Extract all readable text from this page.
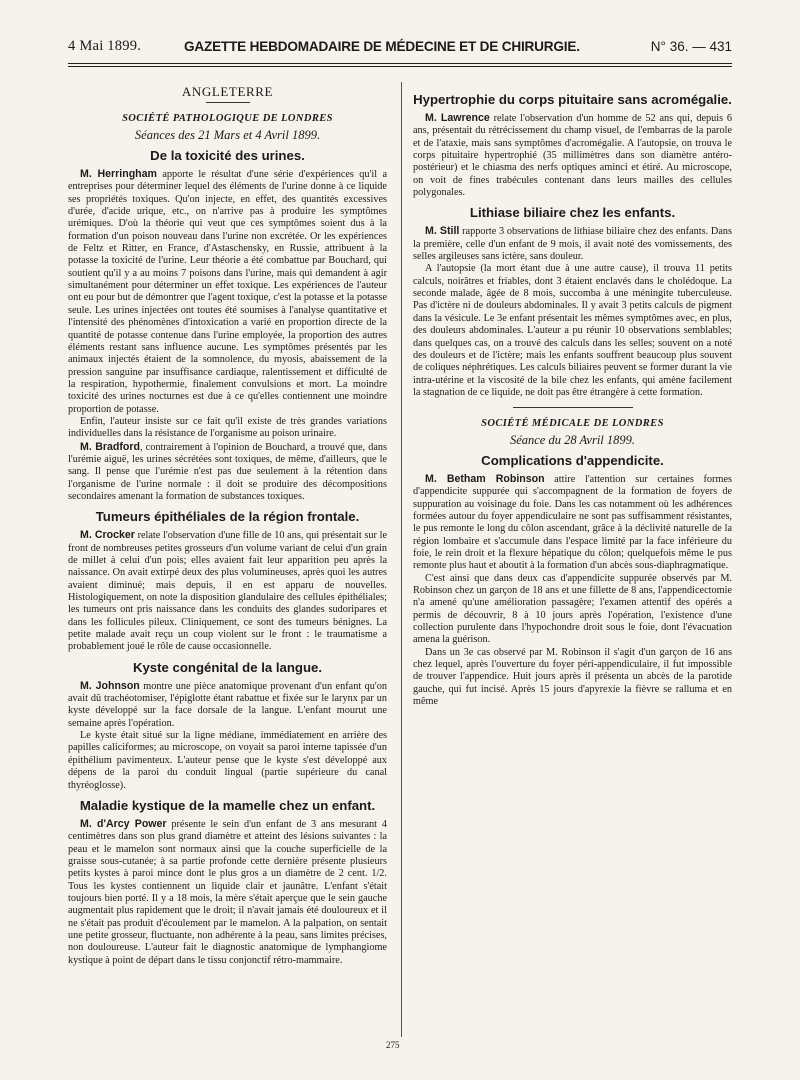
4 Mai 1899.	GAZETTE HEBDOMADAIRE DE MÉDECINE ET DE CHIRURGIE.	N° 36. — 431
ANGLETERRE
SOCIÉTÉ PATHOLOGIQUE DE LONDRES
Séances des 21 Mars et 4 Avril 1899.
De la toxicité des urines.

M. Herringham apporte le résultat d'une série d'expériences qu'il a entreprises pour déterminer lequel des éléments de l'urine donne à ce liquide ses propriétés toxiques. Qu'on injecte, en effet, des quantités excessives d'urée, d'acide urique, etc., on n'arrive pas à produire les symptômes urémiques. D'où la théorie qui veut que ces symptômes soient dus à la formation d'un poison nouveau dans l'urine non excrétée. Or les expériences de Feltz et Ritter, en France, d'Astaschensky, en Russie, attribuent à la potasse la toxicité de l'urine. Leur théorie a été combattue par Bouchard, qui soutient qu'il y a au moins 7 poisons dans l'urine, mais qui demandent à agir simultanément pour déterminer un effet toxique. Les expériences de l'auteur ont eu pour but de démontrer que l'agent toxique, c'est la potasse et la potasse seule. Les urines injectées ont toutes été soumises à l'analyse quantitative et l'intensité des phénomènes d'intoxication a varié en proportion directe de la quantité de potasse contenue dans l'urine employée, la proportion des autres éléments restant sans influence aucune. Les symptômes présentés par les animaux injectés étaient de la somnolence, du myosis, abaissement de la pression sanguine par insuffisance cardiaque, ralentissement et difficulté de la respiration, hypothermie, finalement convulsions et mort. La moindre toxicité des urines nocturnes est due à ce qu'elles contiennent une moindre proportion de potasse.

Enfin, l'auteur insiste sur ce fait qu'il existe de très grandes variations individuelles dans la résistance de l'organisme au poison urinaire.

M. Bradford, contrairement à l'opinion de Bouchard, a trouvé que, dans l'urémie aiguë, les urines sécrétées sont toxiques, de même, d'ailleurs, que le sang. Il pense que l'urémie n'est pas due seulement à la rétention dans l'organisme de l'urine normale : il doit se produire des décompositions secondaires amenant la formation de substances toxiques.

Tumeurs épithéliales de la région frontale.

M. Crocker relate l'observation d'une fille de 10 ans, qui présentait sur le front de nombreuses petites grosseurs d'un volume variant de celui d'un grain de millet à celui d'un pois; elles avaient fait leur apparition peu après la naissance. On avait extirpé deux des plus volumineuses, après quoi les autres avaient diminué; mais depuis, il en est apparu de nouvelles. Histologiquement, on note la disposition glandulaire des cellules épithéliales; les tumeurs ont pris naissance dans les conduits des glandes sudoripares et dans les follicules pileux. Cliniquement, ce sont des tumeurs bénignes. La petite malade avait reçu un coup violent sur le front : le traumatisme a probablement joué le rôle de cause occasionnelle.

Kyste congénital de la langue.

M. Johnson montre une pièce anatomique provenant d'un enfant qu'on avait dû trachéotomiser, l'épiglotte étant rabattue et fixée sur le larynx par un kyste développé sur la face dorsale de la langue. L'enfant mourut une semaine après l'opération.

Le kyste était situé sur la ligne médiane, immédiatement en arrière des papilles caliciformes; au microscope, on voyait sa paroi interne tapissée d'un épithélium pavimenteux. L'auteur pense que le kyste s'est développé aux dépens de la paroi du conduit lingual (partie supérieure du canal thyréoglosse).

Maladie kystique de la mamelle chez un enfant.

M. d'Arcy Power présente le sein d'un enfant de 3 ans mesurant 4 centimètres dans son plus grand diamètre et atteint des lésions suivantes : la peau et le mamelon sont normaux ainsi que la couche superficielle de la graisse sous-cutanée; à sa partie profonde cette dernière présente plusieurs petits kystes à paroi mince dont le plus gros a un diamètre de 2 cent. 1/2. Tous les kystes contiennent un liquide clair et jaunâtre. L'enfant s'était toujours bien porté. Il y a 18 mois, la mère s'était aperçue que le sein gauche augmentait plus rapidement que le droit; il n'avait jamais été douloureux et il ne s'était pas produit d'écoulement par le mamelon. A la palpation, on sentait une petite grosseur, fluctuante, non adhérente à la peau, sans limites précises, non douloureuse. L'auteur fait le diagnostic anatomique de lymphangiome kystique à point de départ dans le tissu conjonctif rétro-mammaire.

Hypertrophie du corps pituitaire sans acromégalie.

M. Lawrence relate l'observation d'un homme de 52 ans qui, depuis 6 ans, présentait du rétrécissement du champ visuel, de l'embarras de la parole et de l'ataxie, mais sans symptômes d'acromégalie. A l'autopsie, on trouva le corps pituitaire hypertrophié (35 millimètres dans son diamètre antéro-postérieur) et le chiasma des nerfs optiques aminci et étiré. Au microscope, on voit de fines trabécules contenant dans leurs mailles des cellules polygonales.

Lithiase biliaire chez les enfants.

M. Still rapporte 3 observations de lithiase biliaire chez des enfants. Dans la première, celle d'un enfant de 9 mois, il avait noté des vomissements, des selles argileuses sans ictère, sans douleur.

A l'autopsie (la mort étant due à une autre cause), il trouva 11 petits calculs, noirâtres et friables, dont 3 étaient enclavés dans le cholédoque. La seconde malade, âgée de 8 mois, succomba à une méningite tuberculeuse. Pas d'ictère ni de douleurs abdominales. Il y avait 3 petits calculs de pigment dans la vésicule. Le 3e enfant présentait les mêmes symptômes avec, en plus, des douleurs abdominales. L'auteur a pu réunir 10 observations semblables; dans quelques cas, on a trouvé des calculs dans les selles; souvent on a noté des douleurs et de l'ictère; mais les enfants souffrent beaucoup plus souvent de coliques néphrétiques. Les calculs biliaires peuvent se former durant la vie intra-utérine et la viscosité de la bile chez les enfants, qui amène facilement la stagnation de ce liquide, ne doit pas être étrangère à cette formation.

SOCIÉTÉ MÉDICALE DE LONDRES
Séance du 28 Avril 1899.
Complications d'appendicite.

M. Betham Robinson attire l'attention sur certaines formes d'appendicite suppurée qui s'accompagnent de la formation de foyers de suppuration au voisinage du foie. Dans les cas notamment où les adhérences formées autour du foyer appendiculaire ne sont pas suffisamment résistantes, le pus remonte le long du côlon ascendant, grâce à la déclivité naturelle de la région lombaire et s'accumule dans l'espace limité par la face inférieure du foie, le rein droit et la flexure hépatique du côlon; quelquefois même le pus remonte plus haut et aboutit à la formation d'un abcès sous-diaphragmatique.

C'est ainsi que dans deux cas d'appendicite suppurée observés par M. Robinson chez un garçon de 18 ans et une fillette de 8 ans, l'appendicectomie n'a amené qu'une amélioration passagère; l'examen attentif des opérés a permis de découvrir, 8 à 10 jours après l'opération, l'existence d'une collection purulente dans l'hypochondre droit sous le foie, dont l'évacuation amena la guérison.

Dans un 3e cas observé par M. Robinson il s'agit d'un garçon de 16 ans chez lequel, après l'ouverture du foyer péri-appendiculaire, il fut impossible de trouver l'appendice. Huit jours après il présenta un abcès de la parotide gauche, qui fut incisé. Après 15 jours d'apyrexie la fièvre se ralluma et en même

275
